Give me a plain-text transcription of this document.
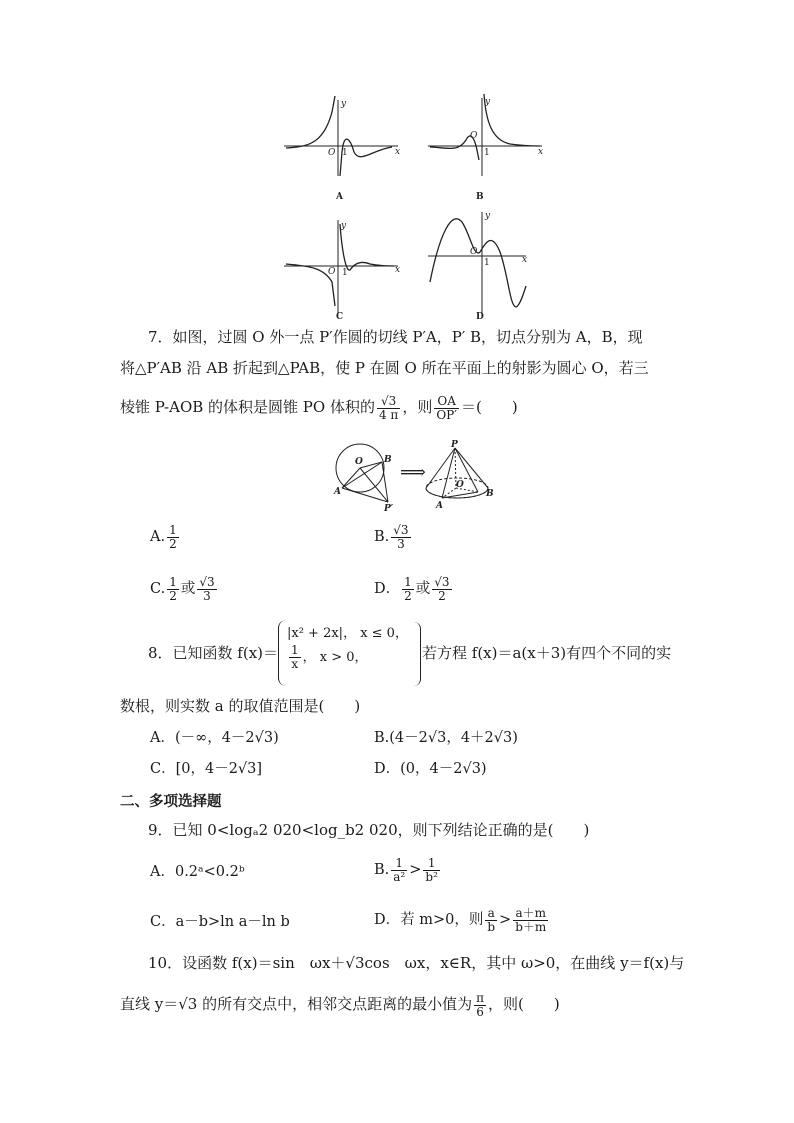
y
x
O
y
x
O
y
x
O
y
x
O
1	1
1
1
A	B
C	D
7．如图，过圆 O 外一点 P′作圆的切线 P′A，P′ B，切点分别为 A，B，现
将△P′AB 沿 AB 折起到△PAB，使 P 在圆 O 所在平面上的射影为圆心 O，若三
棱锥 P-AOB 的体积是圆锥 PO 体积的 $\frac{√3}{4 \pi}$ ，则 $\frac{OA}{OP'}$ ＝(　　)
⟹
O B
A
P′
P
O
B
A
A. $\frac{1}{2}$	B. $\frac{√3}{3}$
C. $\frac{1}{2}$ 或 $\frac{√3}{3}$	D． $\frac{1}{2}$ 或 $\frac{√3}{2}$
8．已知函数 f(x)＝
|x² + 2x|， x ≤ 0，
$\frac{1}{x}$ ， x > 0，	若方程 f(x)＝a(x＋3)有四个不同的实
数根，则实数 a 的取值范围是(　　)
A．(－∞，4－2√3)	B.(4－2√3，4＋2√3)
C．[0，4－2√3]	D．(0，4－2√3)
二、多项选择题
9．已知 0<logₐ2 020<log_b2 020，则下列结论正确的是(　　)
A．0.2ᵃ<0.2ᵇ	B. $\frac{1}{\text{a²}} > \frac{1}{\text{b²}}$
C．a－b>ln a－ln b	D．若 m>0，则 $\frac{a}{b} > \frac{a+m}{b+m}$
10．设函数 f(x)＝sin　ωx＋√3cos　ωx，x∈R，其中 ω>0，在曲线 y＝f(x)与
直线 y＝√3 的所有交点中，相邻交点距离的最小值为 $\frac{\pi}{6}$ ，则(　　)
